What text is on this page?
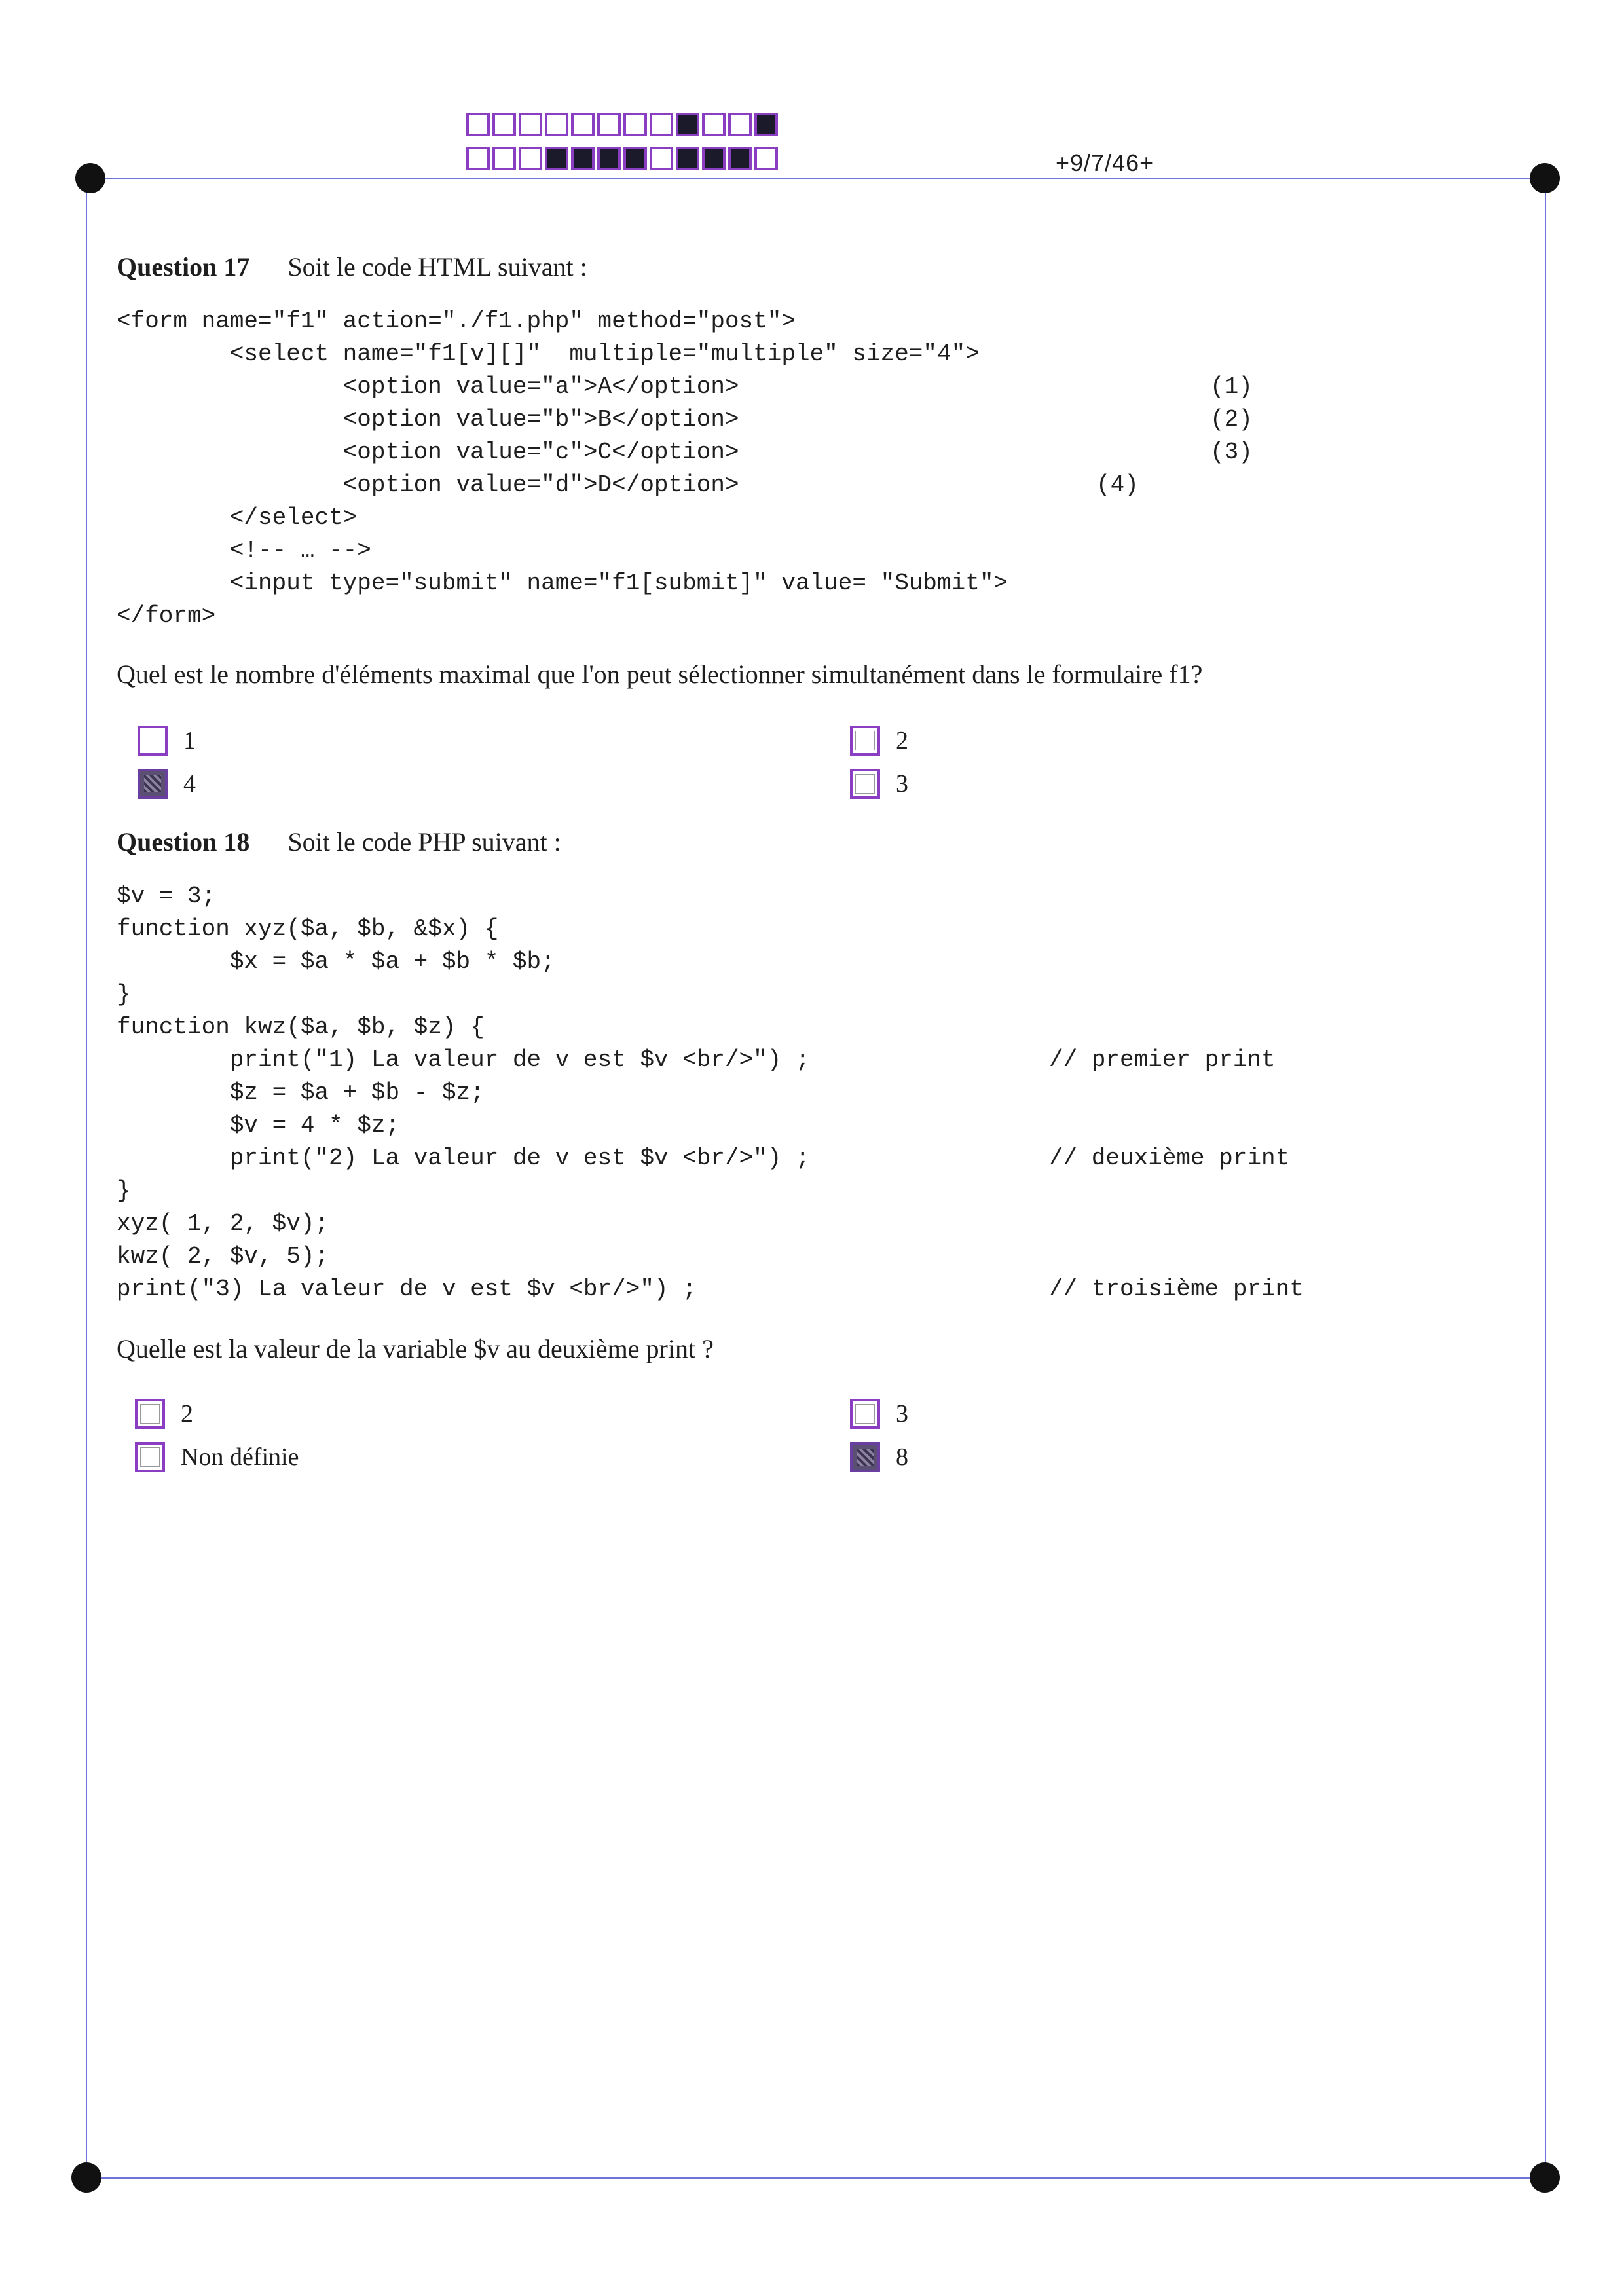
+9/7/46+
Question 17 Soit le code HTML suivant :
<form name="f1" action="./f1.php" method="post">
<select name="f1[v][]"  multiple="multiple" size="4">
<option value="a">A</option>	(1)
<option value="b">B</option>	(2)
<option value="c">C</option>	(3)
<option value="d">D</option>	(4)
</select>
<!-- … -->
<input type="submit" name="f1[submit]" value= "Submit">
</form>
Quel est le nombre d'éléments maximal que l'on peut sélectionner simultanément dans le formulaire f1?
1	2
4	3
Question 18 Soit le code PHP suivant :
$v = 3;
function xyz($a, $b, &$x) {
$x = $a * $a + $b * $b;
}
function kwz($a, $b, $z) {
print("1) La valeur de v est $v <br/>") ;	// premier print
$z = $a + $b - $z;
$v = 4 * $z;
print("2) La valeur de v est $v <br/>") ;	// deuxième print
}
xyz( 1, 2, $v);
kwz( 2, $v, 5);
print("3) La valeur de v est $v <br/>") ;	// troisième print
Quelle est la valeur de la variable $v au deuxième print ?
2	3
Non définie	8
